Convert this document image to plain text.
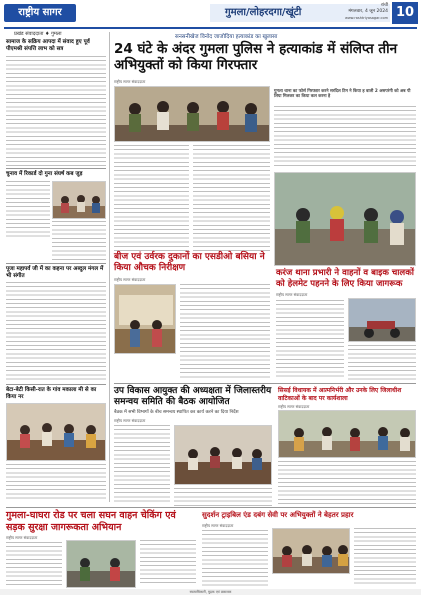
राष्ट्रीय सागर	गुमला/लोहरदगा/खूंटी
रांची
मंगलवार, 4 जून 2024
www.rashtriyasagar.com 10
प्रखंड संवाददाता ♦ गुमला
सामाज के सक्रिय आपदा में संवाद हुए पूर्व पीएमश्री संपत्ति लाभ को सत्र
चुनाव में रिकार्ड दो गुना संघर्ष कब जुड़
पूजा महापर्व जी में का कहना पर अब्दुल मंगल में भी संगीत
बेटा-बेटी किसी-रात के गांव मकाला मी से का किया नर
सनसनीखेज विनोद जाजोदिया हत्याकांड का खुलासा
24 घंटे के अंदर गुमला पुलिस ने हत्याकांड में संलिप्त तीन अभियुक्तों को किया गिरफ्तार
राष्ट्रीय सागर संवाददाता
गुमला थाना का फोर्स गिरफ्तार करने सरदिल टिम ने किया ह वाली 2 असपरंगी को अब पी लिया मिलकर का किया कल करना है
बीज एवं उर्वरक दुकानों का एसडीओ बसिया ने किया औचक निरीक्षण
राष्ट्रीय सागर संवाददाता
करंज थाना प्रभारी ने वाहनों व बाइक चालकों को हेलमेट पहनने के लिए किया जागरूक
राष्ट्रीय सागर संवाददाता
उप विकास आयुक्त की अध्यक्षता में जिलास्तरीय समन्वय समिति की बैठक आयोजित
बैठक में सभी विभागों के बीच समन्वय स्थापित कर कार्य करने का दिया निर्देश
राष्ट्रीय सागर संवाददाता
सिसई विधायक में आत्मनिर्भरी और उनके लिए जिलाधीश वाटिकाओं के बाद पर कार्यशाला
राष्ट्रीय सागर संवाददाता
गुमला-घाघरा रोड पर चला सघन वाहन चेकिंग एवं सड़क सुरक्षा जागरूकता अभियान
राष्ट्रीय सागर संवाददाता
सुदर्शन ट्राइबिल एंड दबंग सेवी पर अभियुक्तों ने बेहतर प्रहार
राष्ट्रीय सागर संवाददाता
स्वत्वाधिकारी, मुद्रक एवं प्रकाशक
